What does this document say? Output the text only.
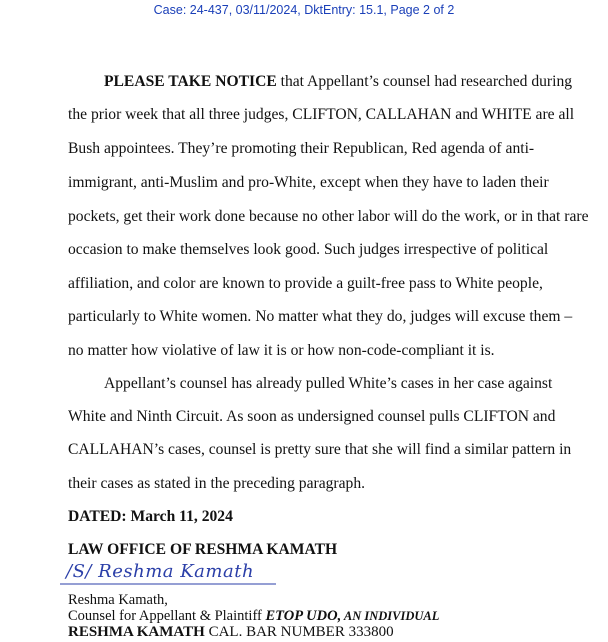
Case: 24-437, 03/11/2024, DktEntry: 15.1, Page 2 of 2
PLEASE TAKE NOTICE that Appellant’s counsel had researched during
the prior week that all three judges, CLIFTON, CALLAHAN and WHITE are all
Bush appointees. They’re promoting their Republican, Red agenda of anti-
immigrant, anti-Muslim and pro-White, except when they have to laden their
pockets, get their work done because no other labor will do the work, or in that rare
occasion to make themselves look good. Such judges irrespective of political
affiliation, and color are known to provide a guilt-free pass to White people,
particularly to White women. No matter what they do, judges will excuse them –
no matter how violative of law it is or how non-code-compliant it is.
Appellant’s counsel has already pulled White’s cases in her case against
White and Ninth Circuit. As soon as undersigned counsel pulls CLIFTON and
CALLAHAN’s cases, counsel is pretty sure that she will find a similar pattern in
their cases as stated in the preceding paragraph.
DATED: March 11, 2024
LAW OFFICE OF RESHMA KAMATH
/S/ Reshma Kamath
Reshma Kamath,
Counsel for Appellant & Plaintiff ETOP UDO, AN INDIVIDUAL
RESHMA KAMATH CAL. BAR NUMBER 333800
